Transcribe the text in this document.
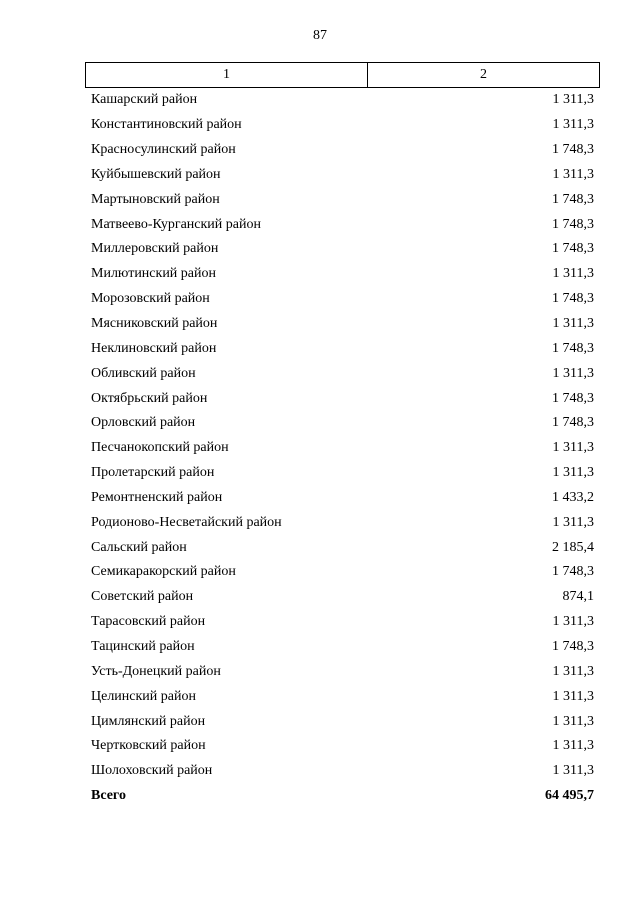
87
1	2
Кашарский район	1 311,3
Константиновский район	1 311,3
Красносулинский район	1 748,3
Куйбышевский район	1 311,3
Мартыновский район	1 748,3
Матвеево-Курганский район	1 748,3
Миллеровский район	1 748,3
Милютинский район	1 311,3
Морозовский район	1 748,3
Мясниковский район	1 311,3
Неклиновский район	1 748,3
Обливский район	1 311,3
Октябрьский район	1 748,3
Орловский район	1 748,3
Песчанокопский район	1 311,3
Пролетарский район	1 311,3
Ремонтненский район	1 433,2
Родионово-Несветайский район	1 311,3
Сальский район	2 185,4
Семикаракорский район	1 748,3
Советский район	874,1
Тарасовский район	1 311,3
Тацинский район	1 748,3
Усть-Донецкий район	1 311,3
Целинский район	1 311,3
Цимлянский район	1 311,3
Чертковский район	1 311,3
Шолоховский район	1 311,3
Всего	64 495,7
